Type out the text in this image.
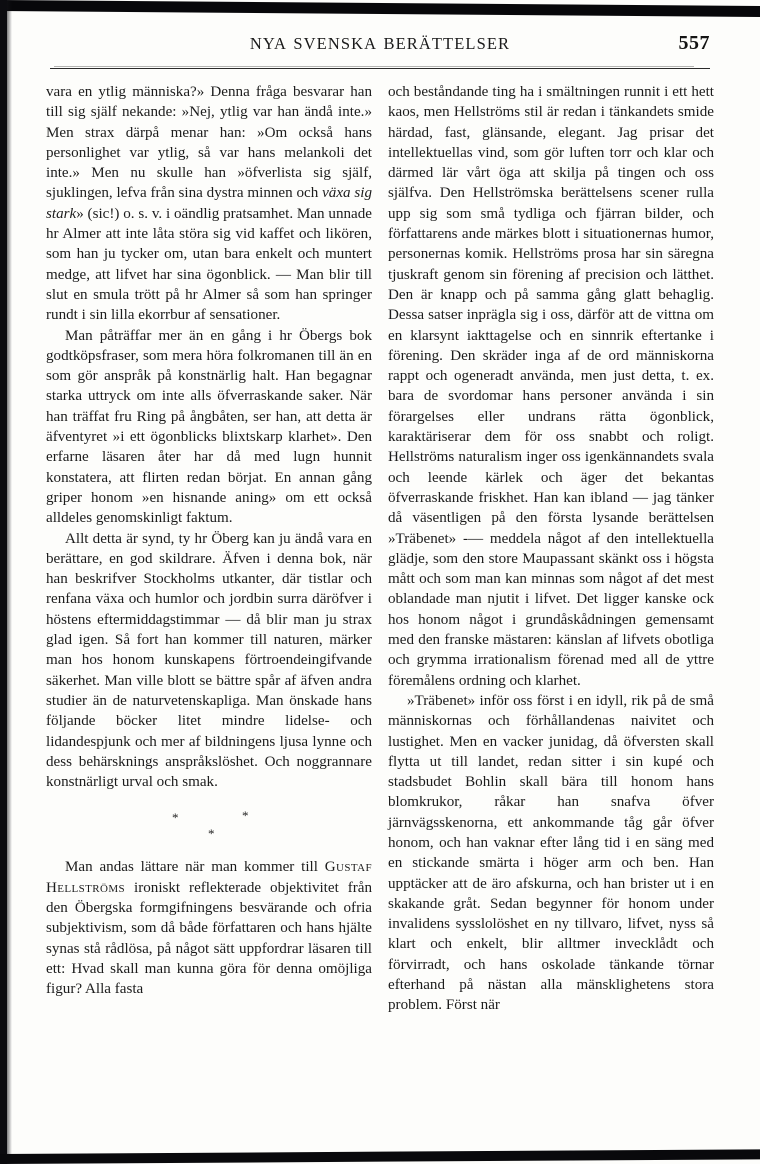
NYA SVENSKA BERÄTTELSER	557

vara en ytlig människa?» Denna fråga besvarar han till sig själf nekande: »Nej, ytlig var han ändå inte.» Men strax därpå menar han: »Om också hans personlighet var ytlig, så var hans melankoli det inte.» Men nu skulle han »öfverlista sig själf, sjuklingen, lefva från sina dystra minnen och växa sig stark» (sic!) o. s. v. i oändlig pratsamhet. Man unnade hr Almer att inte låta störa sig vid kaffet och likören, som han ju tycker om, utan bara enkelt och muntert medge, att lifvet har sina ögonblick. — Man blir till slut en smula trött på hr Almer så som han springer rundt i sin lilla ekorrbur af sensationer.

Man påträffar mer än en gång i hr Öbergs bok godtköpsfraser, som mera höra folkromanen till än en som gör anspråk på konstnärlig halt. Han begagnar starka uttryck om inte alls öfverraskande saker. När han träffat fru Ring på ångbåten, ser han, att detta är äfventyret »i ett ögonblicks blixtskarp klarhet». Den erfarne läsaren åter har då med lugn hunnit konstatera, att flirten redan börjat. En annan gång griper honom »en hisnande aning» om ett också alldeles genomskinligt faktum.

Allt detta är synd, ty hr Öberg kan ju ändå vara en berättare, en god skildrare. Äfven i denna bok, när han beskrifver Stockholms utkanter, där tistlar och renfana växa och humlor och jordbin surra däröfver i höstens eftermiddagstimmar — då blir man ju strax glad igen. Så fort han kommer till naturen, märker man hos honom kunskapens förtroendeingifvande säkerhet. Man ville blott se bättre spår af äfven andra studier än de naturvetenskapliga. Man önskade hans följande böcker litet mindre lidelse- och lidandespjunk och mer af bildningens ljusa lynne och dess behärsknings anspråkslöshet. Och noggrannare konstnärligt urval och smak.

*	*
*

Man andas lättare när man kommer till Gustaf Hellströms ironiskt reflekterade objektivitet från den Öbergska formgifningens besvärande och ofria subjektivism, som då både författaren och hans hjälte synas stå rådlösa, på något sätt uppfordrar läsaren till ett: Hvad skall man kunna göra för denna omöjliga figur? Alla fasta

och beståndande ting ha i smältningen runnit i ett hett kaos, men Hellströms stil är redan i tänkandets smide härdad, fast, glänsande, elegant. Jag prisar det intellektuellas vind, som gör luften torr och klar och därmed lär vårt öga att skilja på tingen och oss själfva. Den Hellströmska berättelsens scener rulla upp sig som små tydliga och fjärran bilder, och författarens ande märkes blott i situationernas humor, personernas komik. Hellströms prosa har sin säregna tjuskraft genom sin förening af precision och lätthet. Den är knapp och på samma gång glatt behaglig. Dessa satser inprägla sig i oss, därför att de vittna om en klarsynt iakttagelse och en sinnrik eftertanke i förening. Den skräder inga af de ord människorna rappt och ogeneradt använda, men just detta, t. ex. bara de svordomar hans personer använda i sin förargelses eller undrans rätta ögonblick, karaktäriserar dem för oss snabbt och roligt. Hellströms naturalism inger oss igenkännandets svala och leende kärlek och äger det bekantas öfverraskande friskhet. Han kan ibland — jag tänker då väsentligen på den första lysande berättelsen »Träbenet» -— meddela något af den intellektuella glädje, som den store Maupassant skänkt oss i högsta mått och som man kan minnas som något af det mest oblandade man njutit i lifvet. Det ligger kanske ock hos honom något i grundåskådningen gemensamt med den franske mästaren: känslan af lifvets obotliga och grymma irrationalism förenad med all de yttre föremålens ordning och klarhet.

»Träbenet» inför oss först i en idyll, rik på de små människornas och förhållandenas naivitet och lustighet. Men en vacker junidag, då öfversten skall flytta ut till landet, redan sitter i sin kupé och stadsbudet Bohlin skall bära till honom hans blomkrukor, råkar han snafva öfver järnvägsskenorna, ett ankommande tåg går öfver honom, och han vaknar efter lång tid i en säng med en stickande smärta i höger arm och ben. Han upptäcker att de äro afskurna, och han brister ut i en skakande gråt. Sedan begynner för honom under invalidens sysslolöshet en ny tillvaro, lifvet, nyss så klart och enkelt, blir alltmer invecklådt och förvirradt, och hans oskolade tänkande törnar efterhand på nästan alla mänsklighetens stora problem. Först när
